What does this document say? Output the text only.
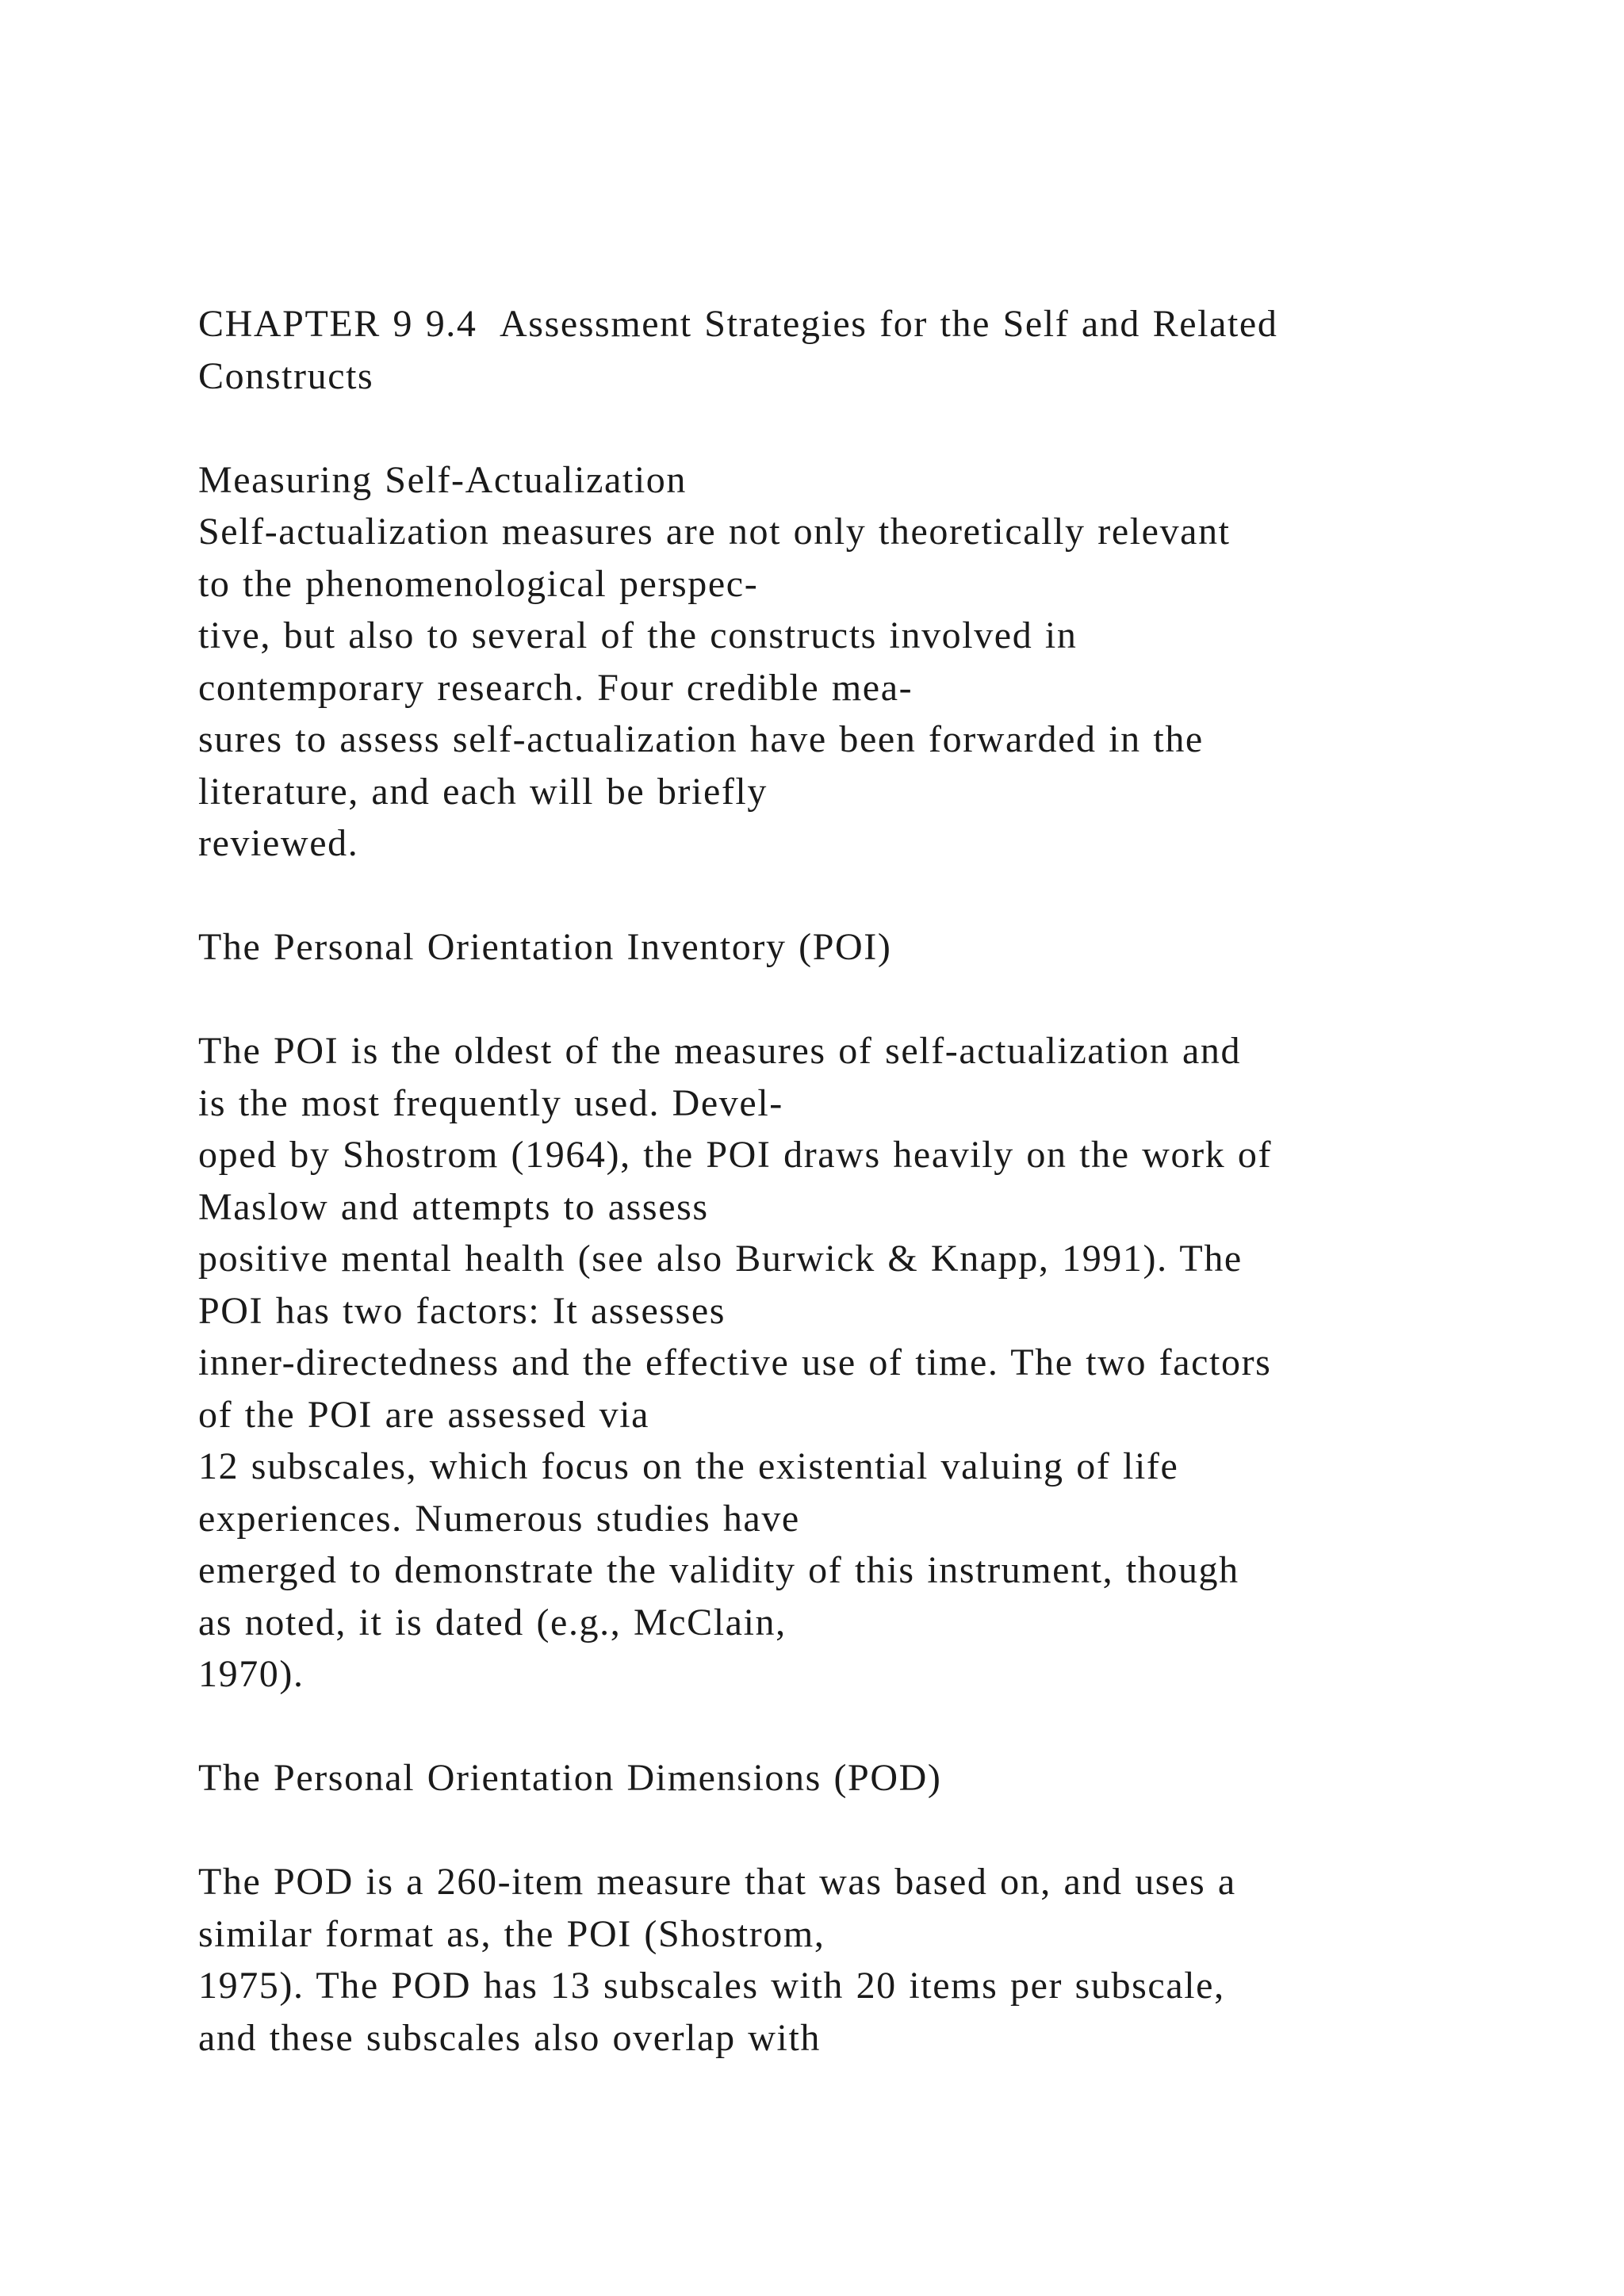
CHAPTER 9 9.4  Assessment Strategies for the Self and Related
Constructs
Measuring Self-Actualization
Self-actualization measures are not only theoretically relevant
to the phenomenological perspec-
tive, but also to several of the constructs involved in
contemporary research. Four credible mea-
sures to assess self-actualization have been forwarded in the
literature, and each will be briefly
reviewed.
The Personal Orientation Inventory (POI)
The POI is the oldest of the measures of self-actualization and
is the most frequently used. Devel-
oped by Shostrom (1964), the POI draws heavily on the work of
Maslow and attempts to assess
positive mental health (see also Burwick & Knapp, 1991). The
POI has two factors: It assesses
inner-directedness and the effective use of time. The two factors
of the POI are assessed via
12 subscales, which focus on the existential valuing of life
experiences. Numerous studies have
emerged to demonstrate the validity of this instrument, though
as noted, it is dated (e.g., McClain,
1970).
The Personal Orientation Dimensions (POD)
The POD is a 260-item measure that was based on, and uses a
similar format as, the POI (Shostrom,
1975). The POD has 13 subscales with 20 items per subscale,
and these subscales also overlap with
